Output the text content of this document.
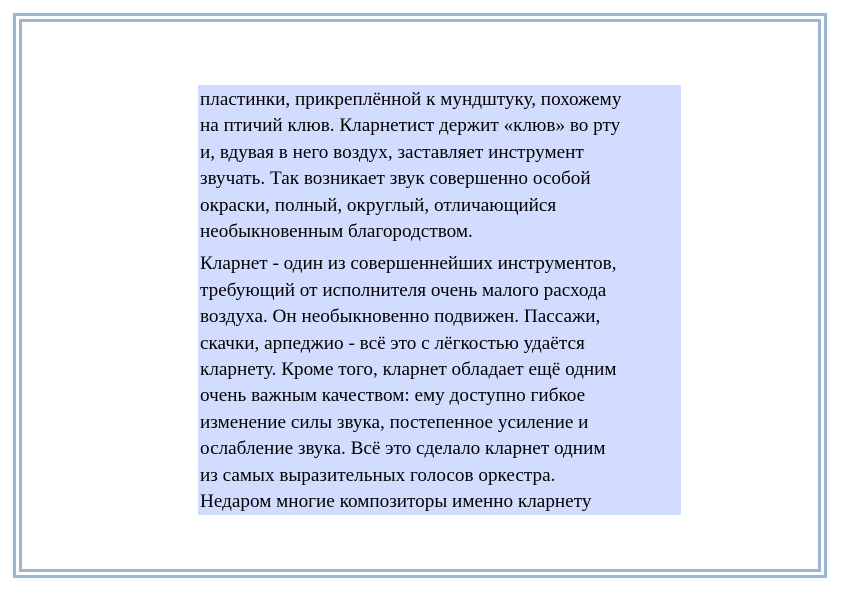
пластинки, прикреплённой к мундштуку, похожему
на птичий клюв. Кларнетист держит «клюв» во рту
и, вдувая в него воздух, заставляет инструмент
звучать. Так возникает звук совершенно особой
окраски, полный, округлый, отличающийся
необыкновенным благородством.

Кларнет - один из совершеннейших инструментов,
требующий от исполнителя очень малого расхода
воздуха. Он необыкновенно подвижен. Пассажи,
скачки, арпеджио - всё это с лёгкостью удаётся
кларнету. Кроме того, кларнет обладает ещё одним
очень важным качеством: ему доступно гибкое
изменение силы звука, постепенное усиление и
ослабление звука. Всё это сделало кларнет одним
из самых выразительных голосов оркестра.
Недаром многие композиторы именно кларнету
